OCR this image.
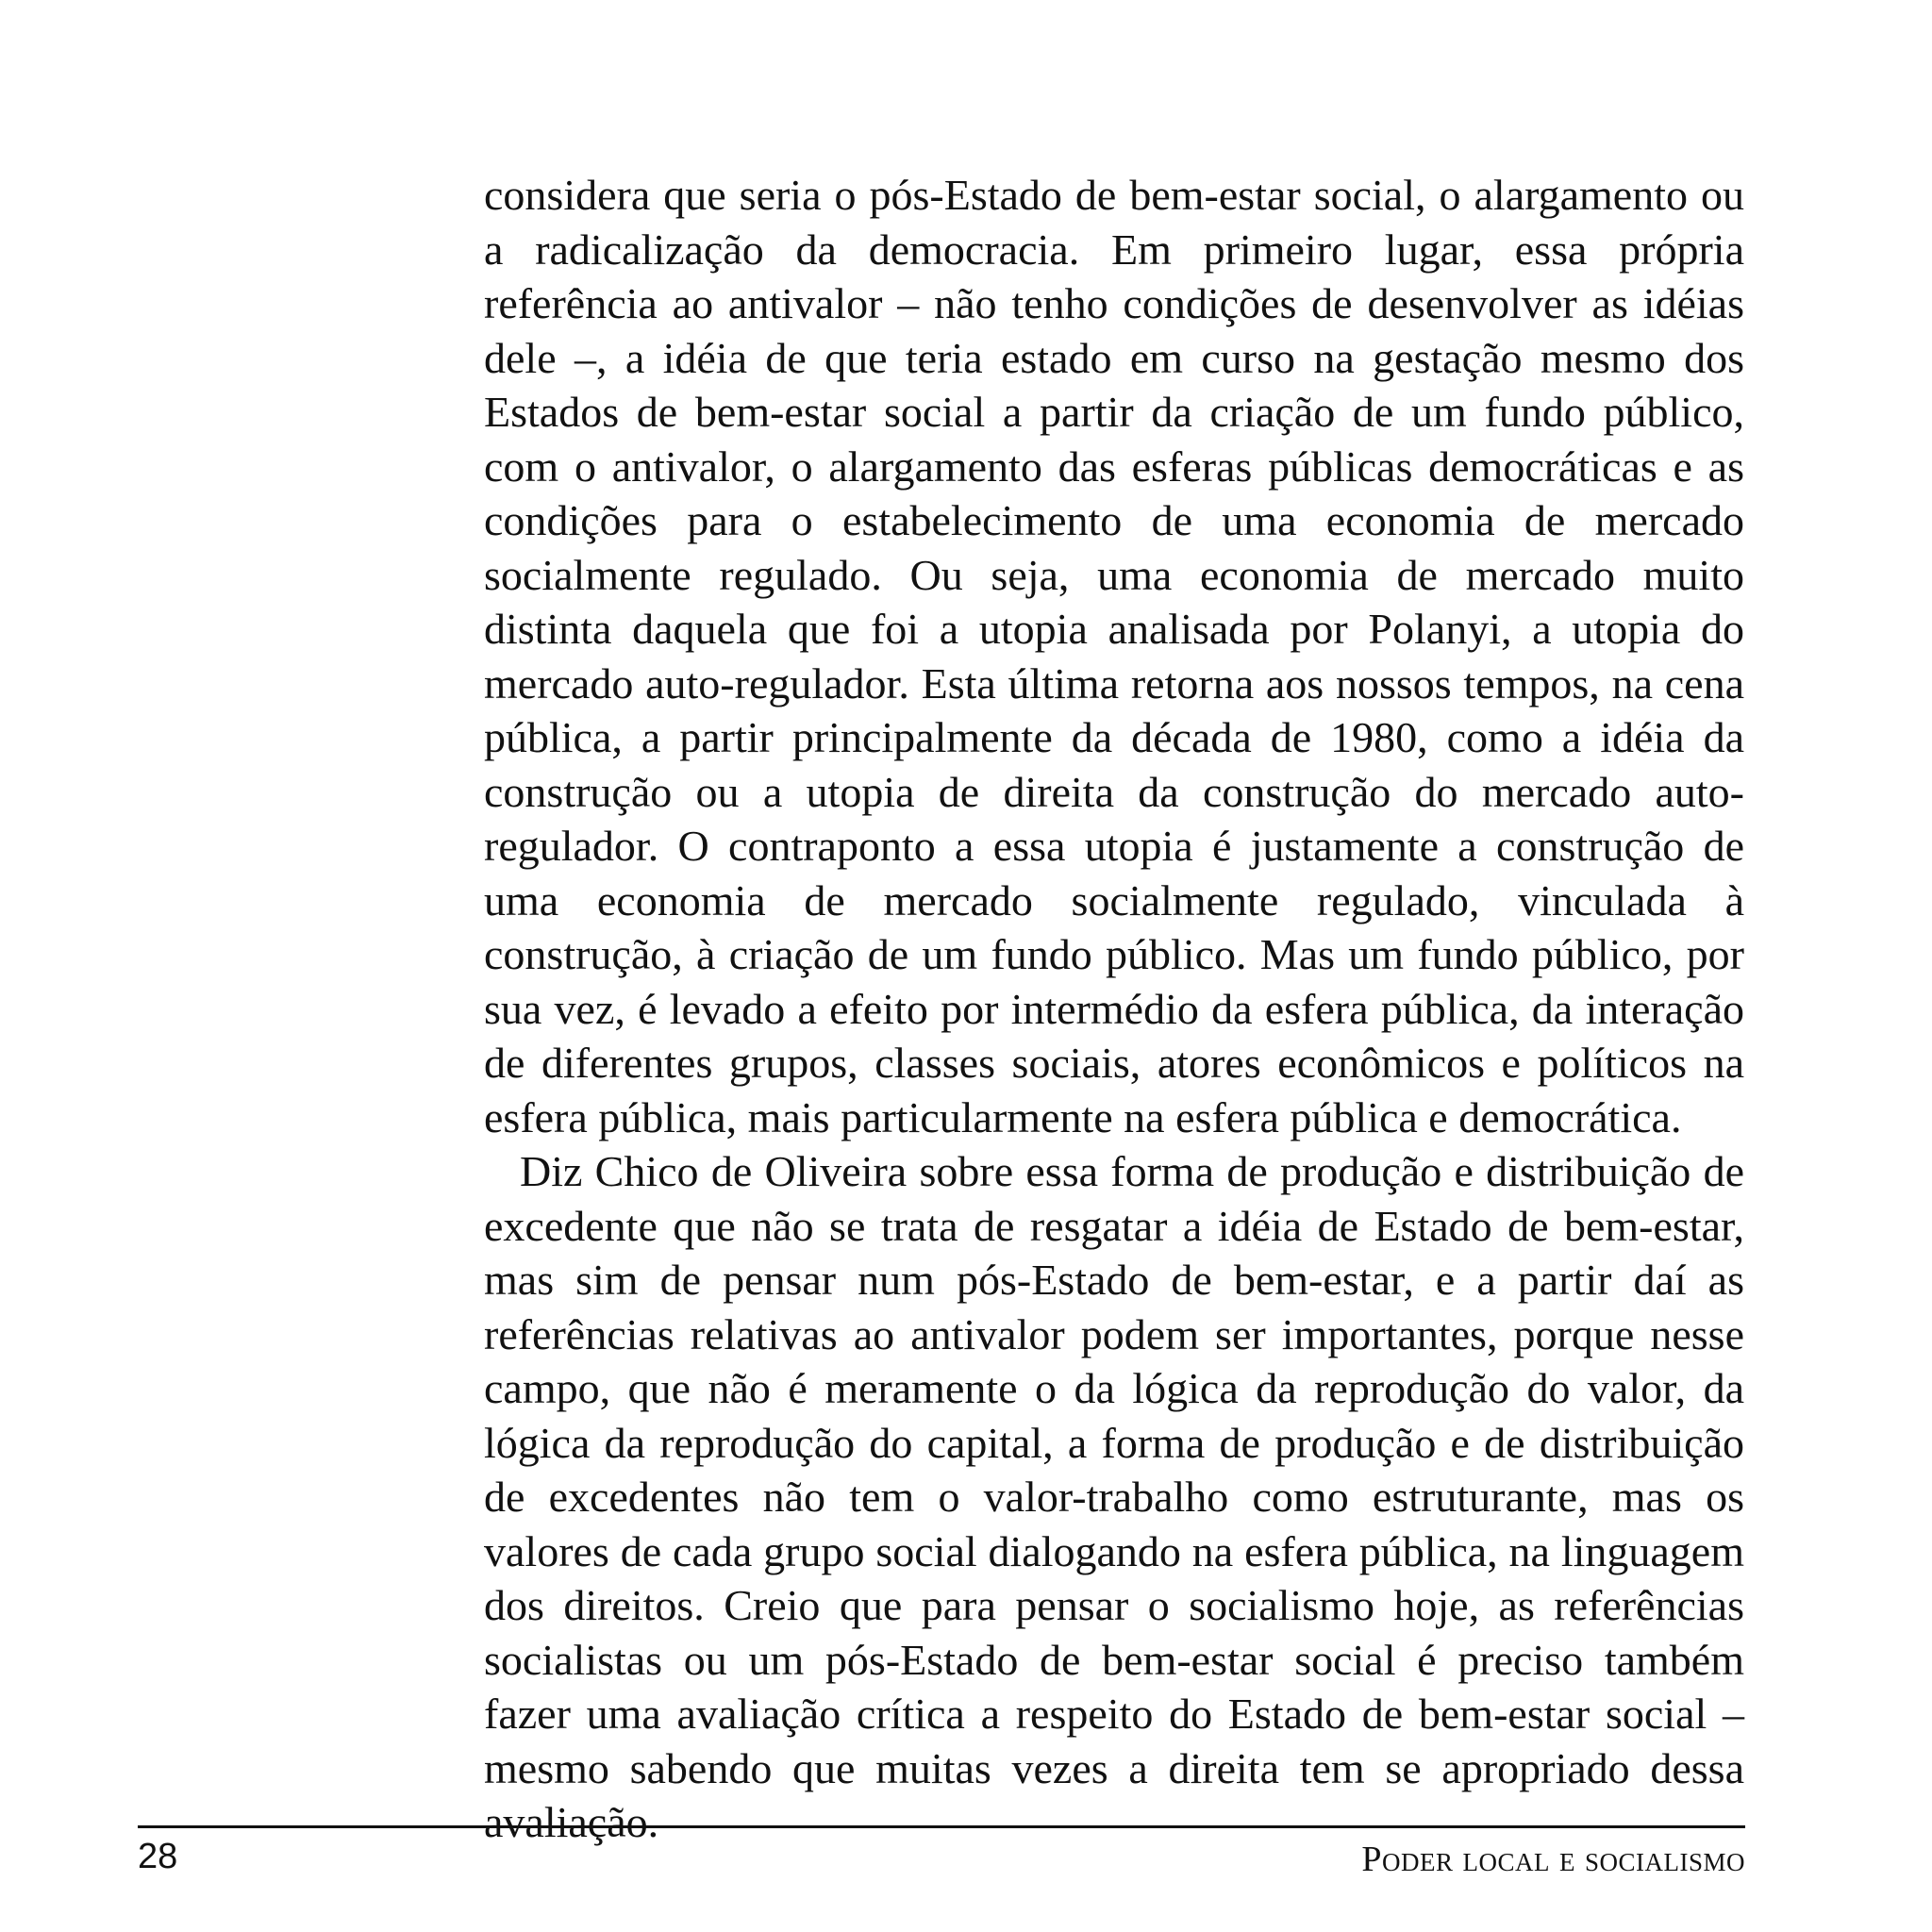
considera que seria o pós-Estado de bem-estar social, o alargamento ou a radicalização da democracia. Em primeiro lugar, essa própria referência ao antivalor – não tenho condições de desenvolver as idéias dele –, a idéia de que teria estado em curso na gestação mesmo dos Estados de bem-estar social a partir da criação de um fundo público, com o antivalor, o alargamento das esferas públicas democráticas e as condições para o estabelecimento de uma economia de mercado socialmente regulado. Ou seja, uma economia de mercado muito distinta daquela que foi a utopia analisada por Polanyi, a utopia do mercado auto-regulador. Esta última retorna aos nossos tempos, na cena pública, a partir principalmente da década de 1980, como a idéia da construção ou a utopia de direita da construção do mercado auto-regulador. O contraponto a essa utopia é justamente a construção de uma economia de mercado socialmente regulado, vinculada à construção, à criação de um fundo público. Mas um fundo público, por sua vez, é levado a efeito por intermédio da esfera pública, da interação de diferentes grupos, classes sociais, atores econômicos e políticos na esfera pública, mais particularmente na esfera pública e democrática.

Diz Chico de Oliveira sobre essa forma de produção e distribuição de excedente que não se trata de resgatar a idéia de Estado de bem-estar, mas sim de pensar num pós-Estado de bem-estar, e a partir daí as referências relativas ao antivalor podem ser importantes, porque nesse campo, que não é meramente o da lógica da reprodução do valor, da lógica da reprodução do capital, a forma de produção e de distribuição de excedentes não tem o valor-trabalho como estruturante, mas os valores de cada grupo social dialogando na esfera pública, na linguagem dos direitos. Creio que para pensar o socialismo hoje, as referências socialistas ou um pós-Estado de bem-estar social é preciso também fazer uma avaliação crítica a respeito do Estado de bem-estar social – mesmo sabendo que muitas vezes a direita tem se apropriado dessa avaliação.

28	Poder local e socialismo
